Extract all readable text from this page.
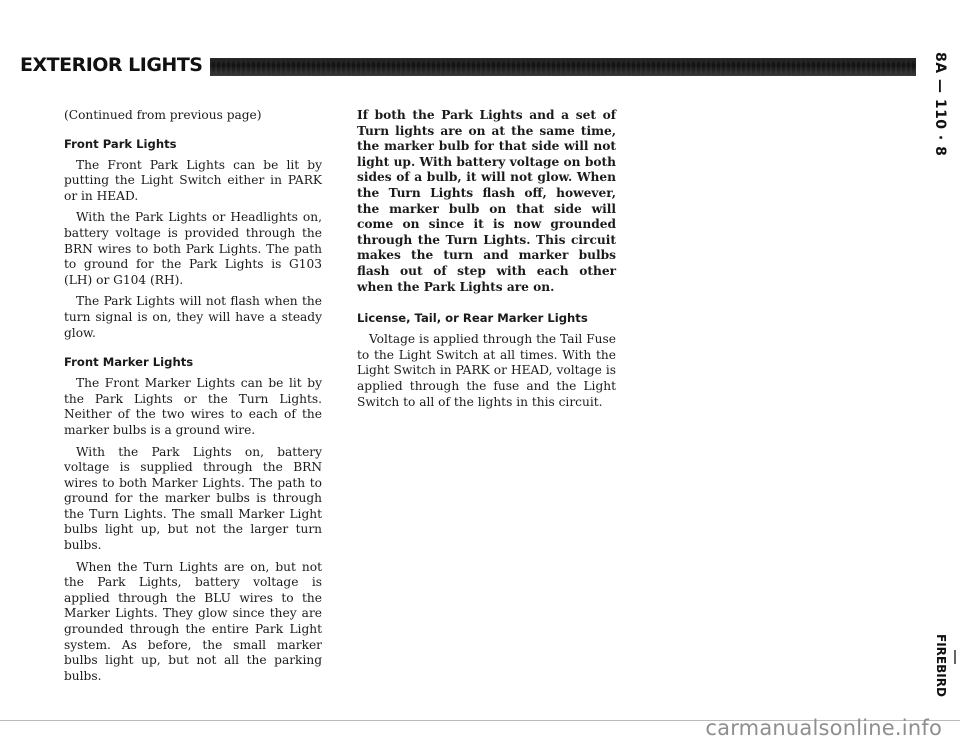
EXTERIOR LIGHTS	8A — 110 · 8
FIREBIRD
(Continued from previous page)
Front Park Lights

The Front Park Lights can be lit by putting the Light Switch either in PARK or in HEAD.

With the Park Lights or Headlights on, battery voltage is provided through the BRN wires to both Park Lights. The path to ground for the Park Lights is G103 (LH) or G104 (RH).

The Park Lights will not flash when the turn signal is on, they will have a steady glow.

Front Marker Lights

The Front Marker Lights can be lit by the Park Lights or the Turn Lights. Neither of the two wires to each of the marker bulbs is a ground wire.

With the Park Lights on, battery voltage is supplied through the BRN wires to both Marker Lights. The path to ground for the marker bulbs is through the Turn Lights. The small Marker Light bulbs light up, but not the larger turn bulbs.

When the Turn Lights are on, but not the Park Lights, battery voltage is applied through the BLU wires to the Marker Lights. They glow since they are grounded through the entire Park Light system. As before, the small marker bulbs light up, but not all the parking bulbs.

If both the Park Lights and a set of Turn lights are on at the same time, the marker bulb for that side will not light up. With battery voltage on both sides of a bulb, it will not glow. When the Turn Lights flash off, however, the marker bulb on that side will come on since it is now grounded through the Turn Lights. This circuit makes the turn and marker bulbs flash out of step with each other when the Park Lights are on.

License, Tail, or Rear Marker Lights

Voltage is applied through the Tail Fuse to the Light Switch at all times. With the Light Switch in PARK or HEAD, voltage is applied through the fuse and the Light Switch to all of the lights in this circuit.

carmanualsonline.info
